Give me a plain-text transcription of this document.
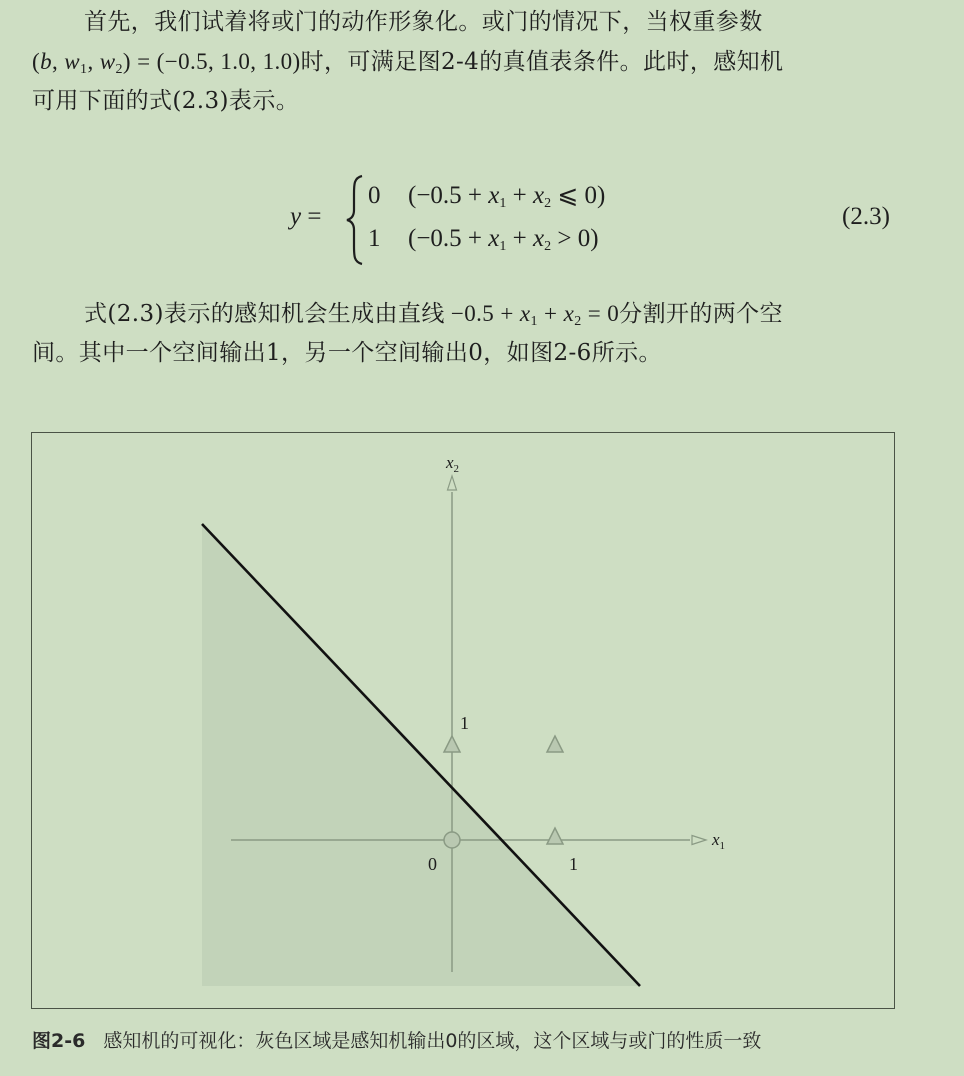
首先，我们试着将或门的动作形象化。或门的情况下，当权重参数
(b, $w_1$, $w_2) = (-0.5$, 1.0, 1.0)时，可满足图2-4的真值表条件。此时，感知机
可用下面的式(2.3)表示。
y =
0 ($-0.5 + x_1 + x_2$ ⩽ 0)
1 $(-0.5 + x_1 + x_2 > 0)$
(2.3)
式(2.3)表示的感知机会生成由直线 $-0.5 + x_1 + x_2 = 0$分割开的两个空
间。其中一个空间输出1，另一个空间输出0，如图2-6所示。
$x_2$
$x_1$
0	1
1
图2-6 感知机的可视化：灰色区域是感知机输出0的区域，这个区域与或门的性质一致
